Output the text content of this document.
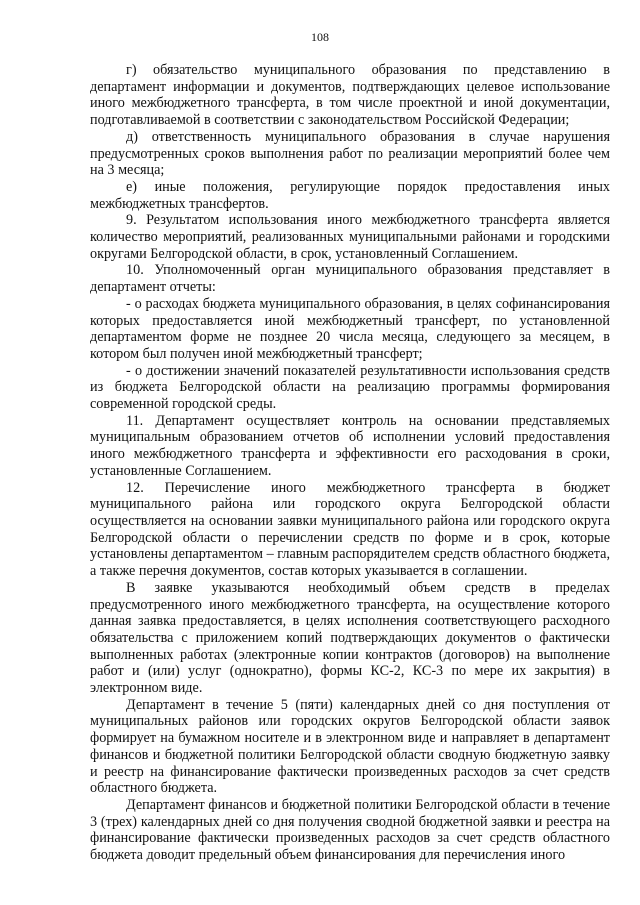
108

г) обязательство муниципального образования по представлению в департамент информации и документов, подтверждающих целевое использование иного межбюджетного трансферта, в том числе проектной и иной документации, подготавливаемой в соответствии с законодательством Российской Федерации;

д) ответственность муниципального образования в случае нарушения предусмотренных сроков выполнения работ по реализации мероприятий более чем на 3 месяца;

е) иные положения, регулирующие порядок предоставления иных межбюджетных трансфертов.

9. Результатом использования иного межбюджетного трансферта является количество мероприятий, реализованных муниципальными районами и городскими округами Белгородской области, в срок, установленный Соглашением.

10. Уполномоченный орган муниципального образования представляет в департамент отчеты:

- о расходах бюджета муниципального образования, в целях софинансирования которых предоставляется иной межбюджетный трансферт, по установленной департаментом форме не позднее 20 числа месяца, следующего за месяцем, в котором был получен иной межбюджетный трансферт;

- о достижении значений показателей результативности использования средств из бюджета Белгородской области на реализацию программы формирования современной городской среды.

11. Департамент осуществляет контроль на основании представляемых муниципальным образованием отчетов об исполнении условий предоставления иного межбюджетного трансферта и эффективности его расходования в сроки, установленные Соглашением.

12. Перечисление иного межбюджетного трансферта в бюджет муниципального района или городского округа Белгородской области осуществляется на основании заявки муниципального района или городского округа Белгородской области о перечислении средств по форме и в срок, которые установлены департаментом – главным распорядителем средств областного бюджета, а также перечня документов, состав которых указывается в соглашении.

В заявке указываются необходимый объем средств в пределах предусмотренного иного межбюджетного трансферта, на осуществление которого данная заявка предоставляется, в целях исполнения соответствующего расходного обязательства с приложением копий подтверждающих документов о фактически выполненных работах (электронные копии контрактов (договоров) на выполнение работ и (или) услуг (однократно), формы КС-2, КС-3 по мере их закрытия) в электронном виде.

Департамент в течение 5 (пяти) календарных дней со дня поступления от муниципальных районов или городских округов Белгородской области заявок формирует на бумажном носителе и в электронном виде и направляет в департамент финансов и бюджетной политики Белгородской области сводную бюджетную заявку и реестр на финансирование фактически произведенных расходов за счет средств областного бюджета.

Департамент финансов и бюджетной политики Белгородской области в течение 3 (трех) календарных дней со дня получения сводной бюджетной заявки и реестра на финансирование фактически произведенных расходов за счет средств областного бюджета доводит предельный объем финансирования для перечисления иного
